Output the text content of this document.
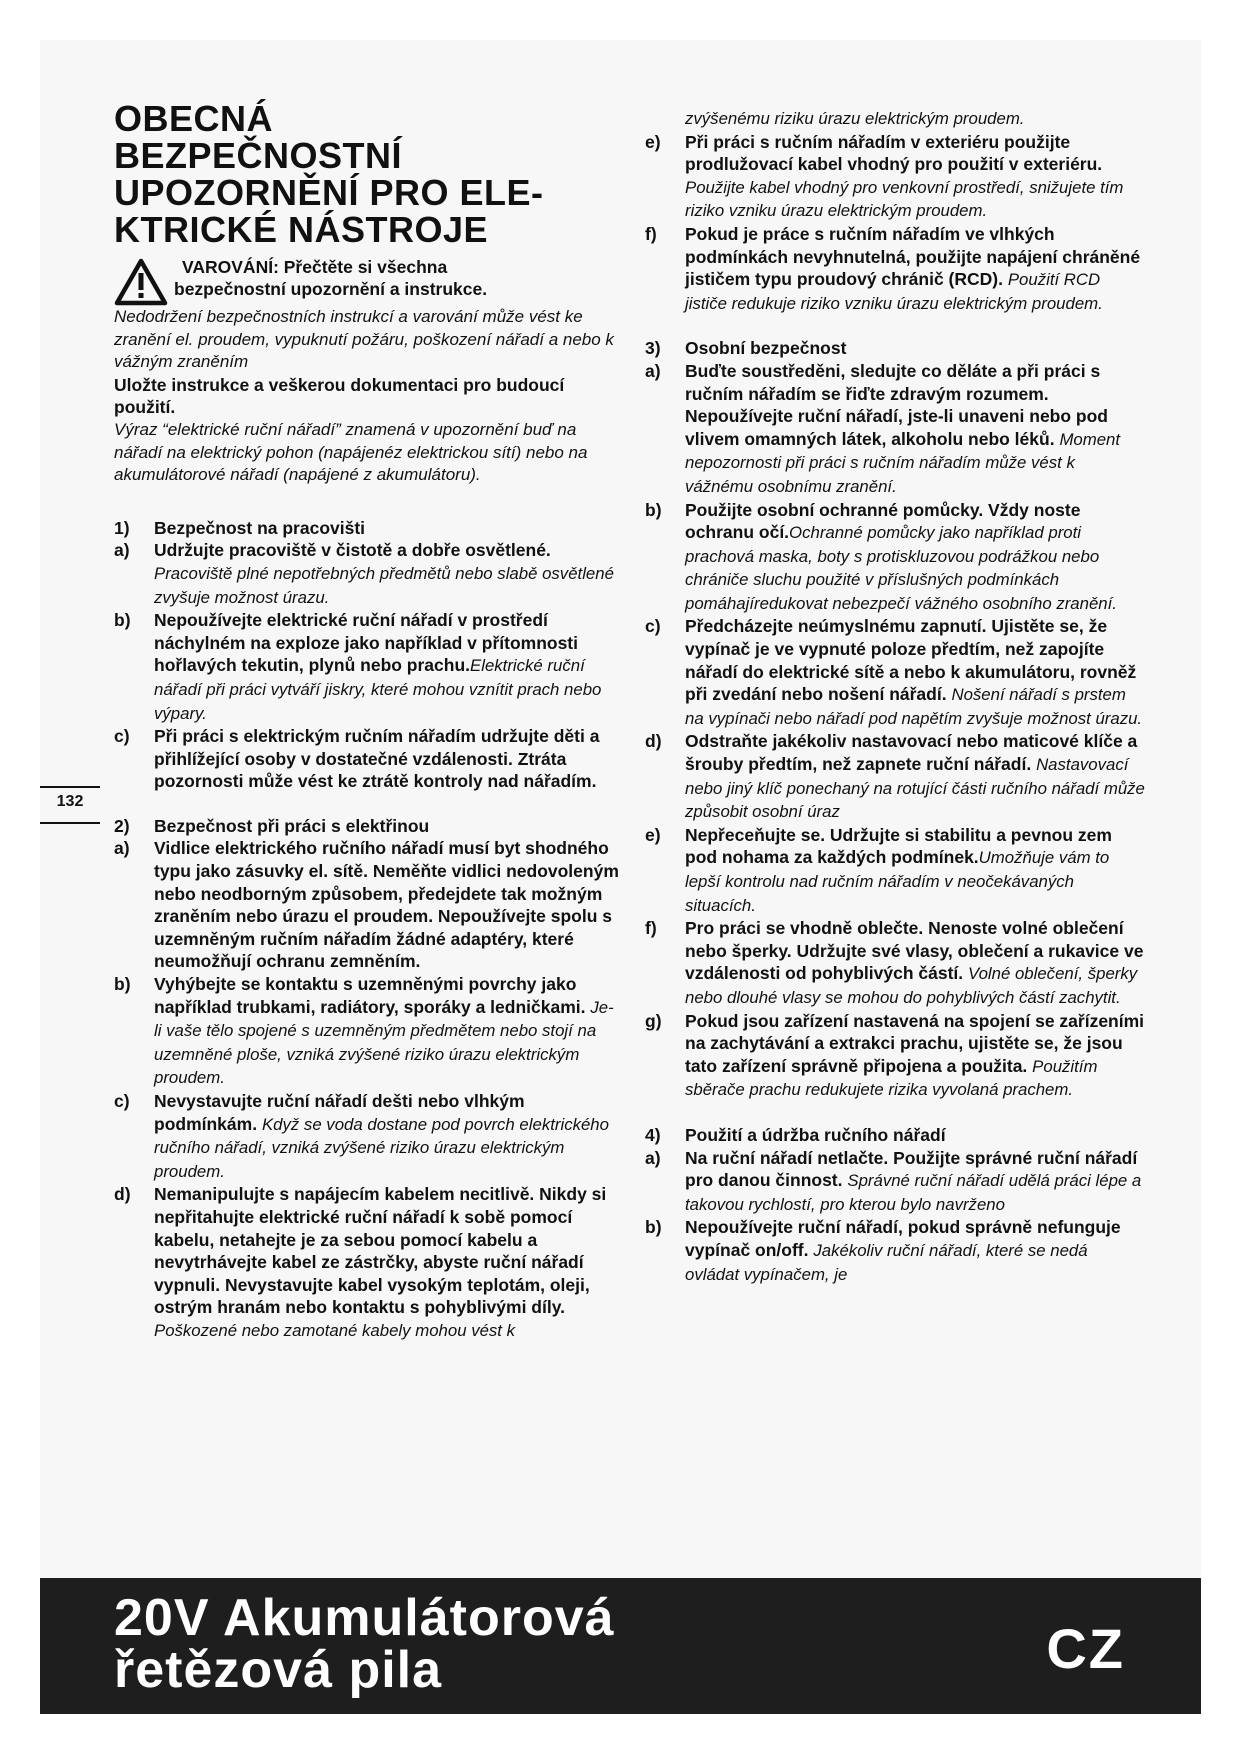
132
OBECNÁ
BEZPEČNOSTNÍ
UPOZORNĚNÍ PRO ELE-
KTRICKÉ NÁSTROJE
VAROVÁNÍ: Přečtěte si všechna
bezpečnostní upozornění a instrukce.

Nedodržení bezpečnostních instrukcí a varování může vést ke zranění el. proudem, vypuknutí požáru, poškození nářadí a nebo k vážným zraněním

Uložte instrukce a veškerou dokumentaci pro budoucí použití.

Výraz “elektrické ruční nářadí” znamená v upozornění buď na nářadí na elektrický pohon (napájenéz elektrickou sítí) nebo na akumulátorové nářadí (napájené z akumulátoru).

1)	Bezpečnost na pracovišti
a)	Udržujte pracoviště v čistotě a dobře osvětlené. Pracoviště plné nepotřebných předmětů nebo slabě osvětlené zvyšuje možnost úrazu.
b)	Nepoužívejte elektrické ruční nářadí v prostředí náchylném na exploze jako například v přítomnosti hořlavých tekutin, plynů nebo prachu.Elektrické ruční nářadí při práci vytváří jiskry, které mohou vznítit prach nebo výpary.
c)	Při práci s elektrickým ručním nářadím udržujte děti a přihlížející osoby v dostatečné vzdálenosti. Ztráta pozornosti může vést ke ztrátě kontroly nad nářadím.
2)	Bezpečnost při práci s elektřinou
a)	Vidlice elektrického ručního nářadí musí byt shodného typu jako zásuvky el. sítě. Neměňte vidlici nedovoleným nebo neodborným způsobem, předejdete tak možným zraněním nebo úrazu el proudem. Nepoužívejte spolu s uzemněným ručním nářadím žádné adaptéry, které neumožňují ochranu zemněním.
b)	Vyhýbejte se kontaktu s uzemněnými povrchy jako například trubkami, radiátory, sporáky a ledničkami. Je-li vaše tělo spojené s uzemněným předmětem nebo stojí na uzemněné ploše, vzniká zvýšené riziko úrazu elektrickým proudem.
c)	Nevystavujte ruční nářadí dešti nebo vlhkým podmínkám. Když se voda dostane pod povrch elektrického ručního nářadí, vzniká zvýšené riziko úrazu elektrickým proudem.
d)	Nemanipulujte s napájecím kabelem necitlivě. Nikdy si nepřitahujte elektrické ruční nářadí k sobě pomocí kabelu, netahejte je za sebou pomocí kabelu a nevytrhávejte kabel ze zástrčky, abyste ruční nářadí vypnuli. Nevystavujte kabel vysokým teplotám, oleji, ostrým hranám nebo kontaktu s pohyblivými díly. Poškozené nebo zamotané kabely mohou vést k

zvýšenému riziku úrazu elektrickým proudem.

e)	Při práci s ručním nářadím v exteriéru použijte prodlužovací kabel vhodný pro použití v exteriéru. Použijte kabel vhodný pro venkovní prostředí, snižujete tím riziko vzniku úrazu elektrickým proudem.
f)	Pokud je práce s ručním nářadím ve vlhkých podmínkách nevyhnutelná, použijte napájení chráněné jističem typu proudový chránič (RCD). Použití RCD jističe redukuje riziko vzniku úrazu elektrickým proudem.
3)	Osobní bezpečnost
a)	Buďte soustředěni, sledujte co děláte a při práci s ručním nářadím se řiďte zdravým rozumem. Nepoužívejte ruční nářadí, jste-li unaveni nebo pod vlivem omamných látek, alkoholu nebo léků. Moment nepozornosti při práci s ručním nářadím může vést k vážnému osobnímu zranění.
b)	Použijte osobní ochranné pomůcky. Vždy noste ochranu očí.Ochranné pomůcky jako například proti prachová maska, boty s protiskluzovou podrážkou nebo chrániče sluchu použité v příslušných podmínkách pomáhajíredukovat nebezpečí vážného osobního zranění.
c)	Předcházejte neúmyslnému zapnutí. Ujistěte se, že vypínač je ve vypnuté poloze předtím, než zapojíte nářadí do elektrické sítě a nebo k akumulátoru, rovněž při zvedání nebo nošení nářadí. Nošení nářadí s prstem na vypínači nebo nářadí pod napětím zvyšuje možnost úrazu.
d)	Odstraňte jakékoliv nastavovací nebo maticové klíče a šrouby předtím, než zapnete ruční nářadí. Nastavovací nebo jiný klíč ponechaný na rotující části ručního nářadí může způsobit osobní úraz
e)	Nepřeceňujte se. Udržujte si stabilitu a pevnou zem pod nohama za každých podmínek.Umožňuje vám to lepší kontrolu nad ručním nářadím v neočekávaných situacích.
f)	Pro práci se vhodně oblečte. Nenoste volné oblečení nebo šperky. Udržujte své vlasy, oblečení a rukavice ve vzdálenosti od pohyblivých částí. Volné oblečení, šperky nebo dlouhé vlasy se mohou do pohyblivých částí zachytit.
g)	Pokud jsou zařízení nastavená na spojení se zařízeními na zachytávání a extrakci prachu, ujistěte se, že jsou tato zařízení správně připojena a použita. Použitím sběrače prachu redukujete rizika vyvolaná prachem.
4)	Použití a údržba ručního nářadí
a)	Na ruční nářadí netlačte. Použijte správné ruční nářadí pro danou činnost. Správné ruční nářadí udělá práci lépe a takovou rychlostí, pro kterou bylo navrženo
b)	Nepoužívejte ruční nářadí, pokud správně nefunguje vypínač on/off. Jakékoliv ruční nářadí, které se nedá ovládat vypínačem, je
20V Akumulátorová
řetězová pila	CZ
